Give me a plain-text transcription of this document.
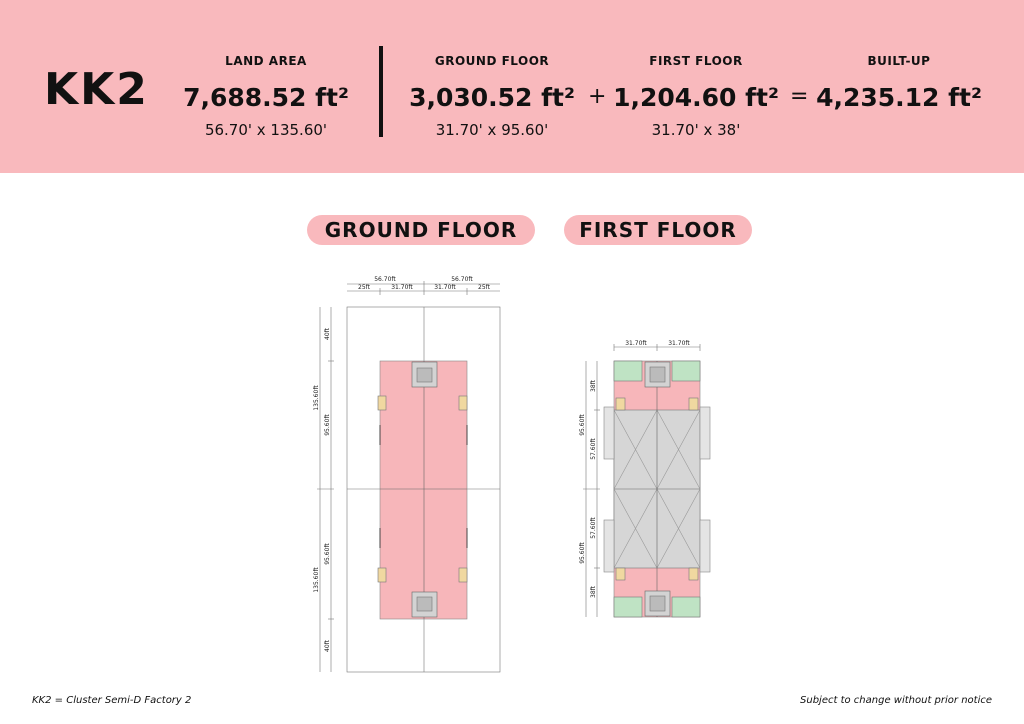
KK2
LAND AREA
7,688.52 ft²
56.70' x 135.60'
GROUND FLOOR
3,030.52 ft²
31.70' x 95.60'
+
FIRST FLOOR
1,204.60 ft²
31.70' x 38'
=
BUILT-UP
4,235.12 ft²
GROUND FLOOR	FIRST FLOOR
56.70ft	56.70ft
25ft	31.70ft	31.70ft	25ft
135.60ft
135.60ft
40ft
95.60ft
95.60ft
40ft
31.70ft	31.70ft
95.60ft
95.60ft
38ft
57.60ft
57.60ft
38ft
KK2 = Cluster Semi-D Factory 2	Subject to change without prior notice
